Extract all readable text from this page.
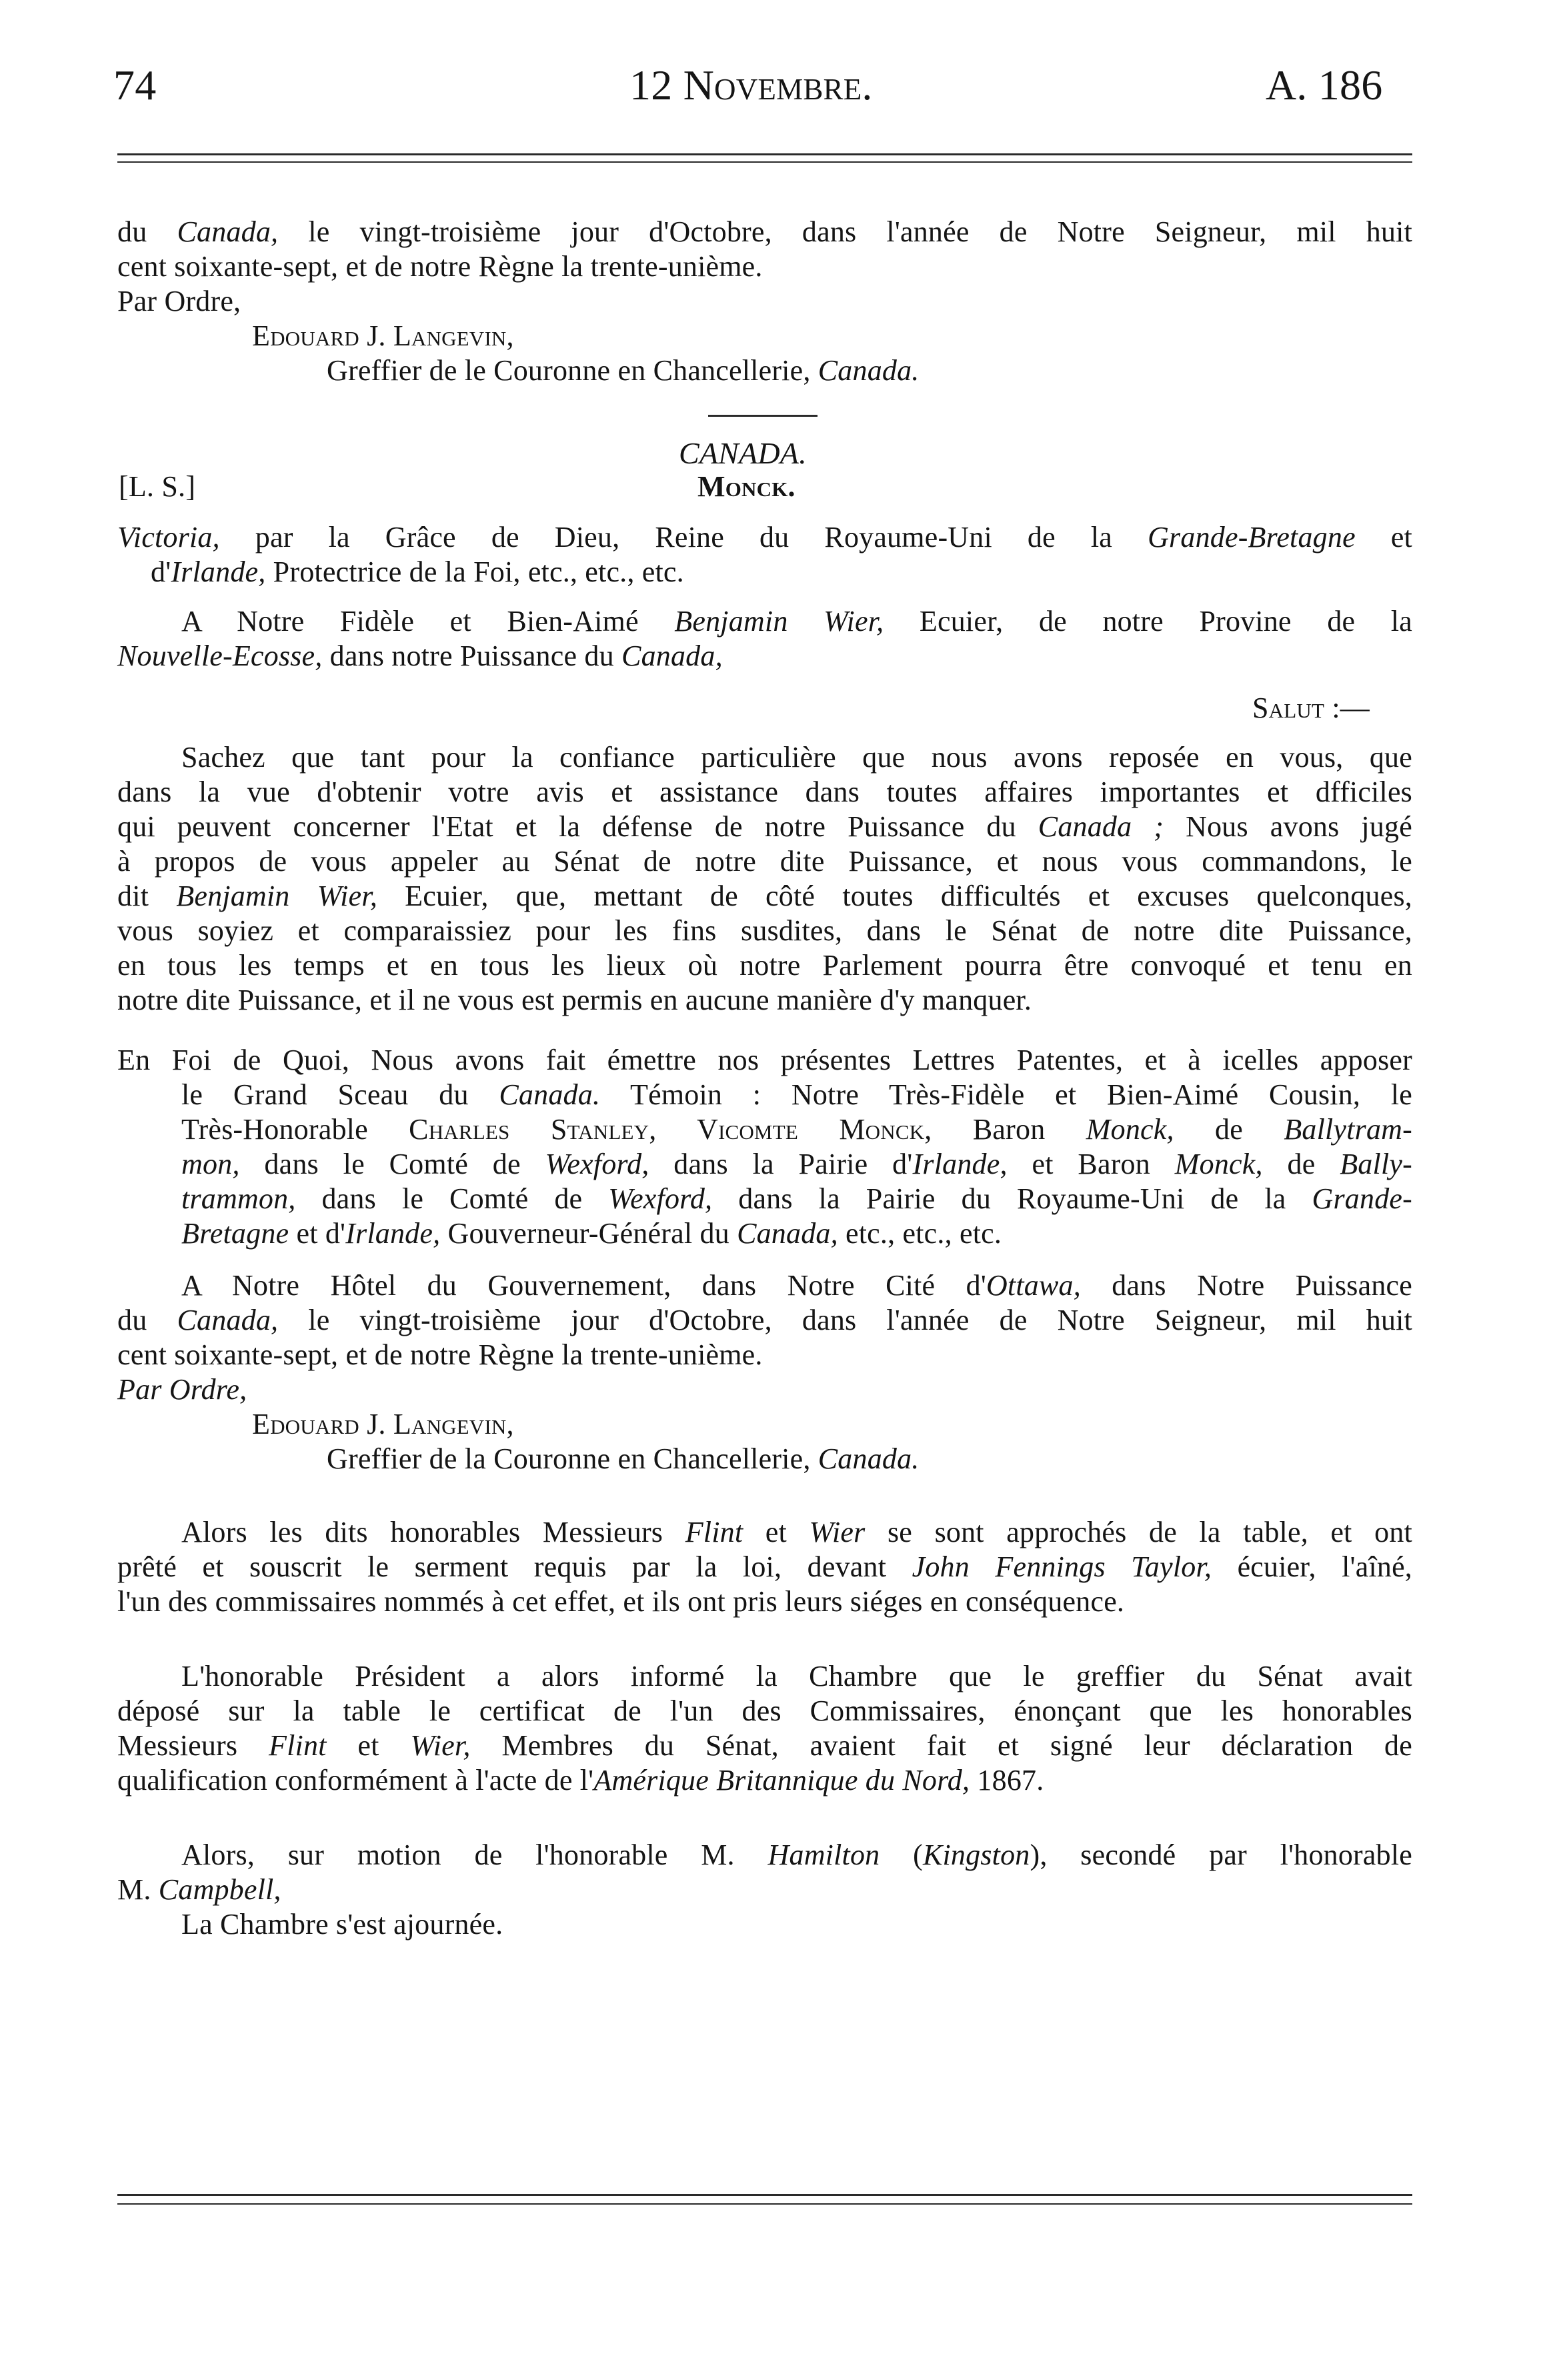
74	12 Novembre.	A. 186
du Canada, le vingt-troisième jour d'Octobre, dans l'année de Notre Seigneur, mil huit
cent soixante-sept, et de notre Règne la trente-unième.
Par Ordre,
Edouard J. Langevin,
Greffier de le Couronne en Chancellerie, Canada.
CANADA.
[L. S.]	Monck.
Victoria, par la Grâce de Dieu, Reine du Royaume-Uni de la Grande-Bretagne et
d'Irlande, Protectrice de la Foi, etc., etc., etc.
A Notre Fidèle et Bien-Aimé Benjamin Wier, Ecuier, de notre Provine de la
Nouvelle-Ecosse, dans notre Puissance du Canada,
Salut :—
Sachez que tant pour la confiance particulière que nous avons reposée en vous, que
dans la vue d'obtenir votre avis et assistance dans toutes affaires importantes et dfficiles
qui peuvent concerner l'Etat et la défense de notre Puissance du Canada ; Nous avons jugé
à propos de vous appeler au Sénat de notre dite Puissance, et nous vous commandons, le
dit Benjamin Wier, Ecuier, que, mettant de côté toutes difficultés et excuses quelconques,
vous soyiez et comparaissiez pour les fins susdites, dans le Sénat de notre dite Puissance,
en tous les temps et en tous les lieux où notre Parlement pourra être convoqué et tenu en
notre dite Puissance, et il ne vous est permis en aucune manière d'y manquer.
En Foi de Quoi, Nous avons fait émettre nos présentes Lettres Patentes, et à icelles apposer
le Grand Sceau du Canada. Témoin : Notre Très-Fidèle et Bien-Aimé Cousin, le
Très-Honorable Charles Stanley, Vicomte Monck, Baron Monck, de Ballytram-
mon, dans le Comté de Wexford, dans la Pairie d'Irlande, et Baron Monck, de Bally-
trammon, dans le Comté de Wexford, dans la Pairie du Royaume-Uni de la Grande-
Bretagne et d'Irlande, Gouverneur-Général du Canada, etc., etc., etc.
A Notre Hôtel du Gouvernement, dans Notre Cité d'Ottawa, dans Notre Puissance
du Canada, le vingt-troisième jour d'Octobre, dans l'année de Notre Seigneur, mil huit
cent soixante-sept, et de notre Règne la trente-unième.
Par Ordre,
Edouard J. Langevin,
Greffier de la Couronne en Chancellerie, Canada.
Alors les dits honorables Messieurs Flint et Wier se sont approchés de la table, et ont
prêté et souscrit le serment requis par la loi, devant John Fennings Taylor, écuier, l'aîné,
l'un des commissaires nommés à cet effet, et ils ont pris leurs siéges en conséquence.
L'honorable Président a alors informé la Chambre que le greffier du Sénat avait
déposé sur la table le certificat de l'un des Commissaires, énonçant que les honorables
Messieurs Flint et Wier, Membres du Sénat, avaient fait et signé leur déclaration de
qualification conformément à l'acte de l'Amérique Britannique du Nord, 1867.
Alors, sur motion de l'honorable M. Hamilton (Kingston), secondé par l'honorable
M. Campbell,
La Chambre s'est ajournée.
